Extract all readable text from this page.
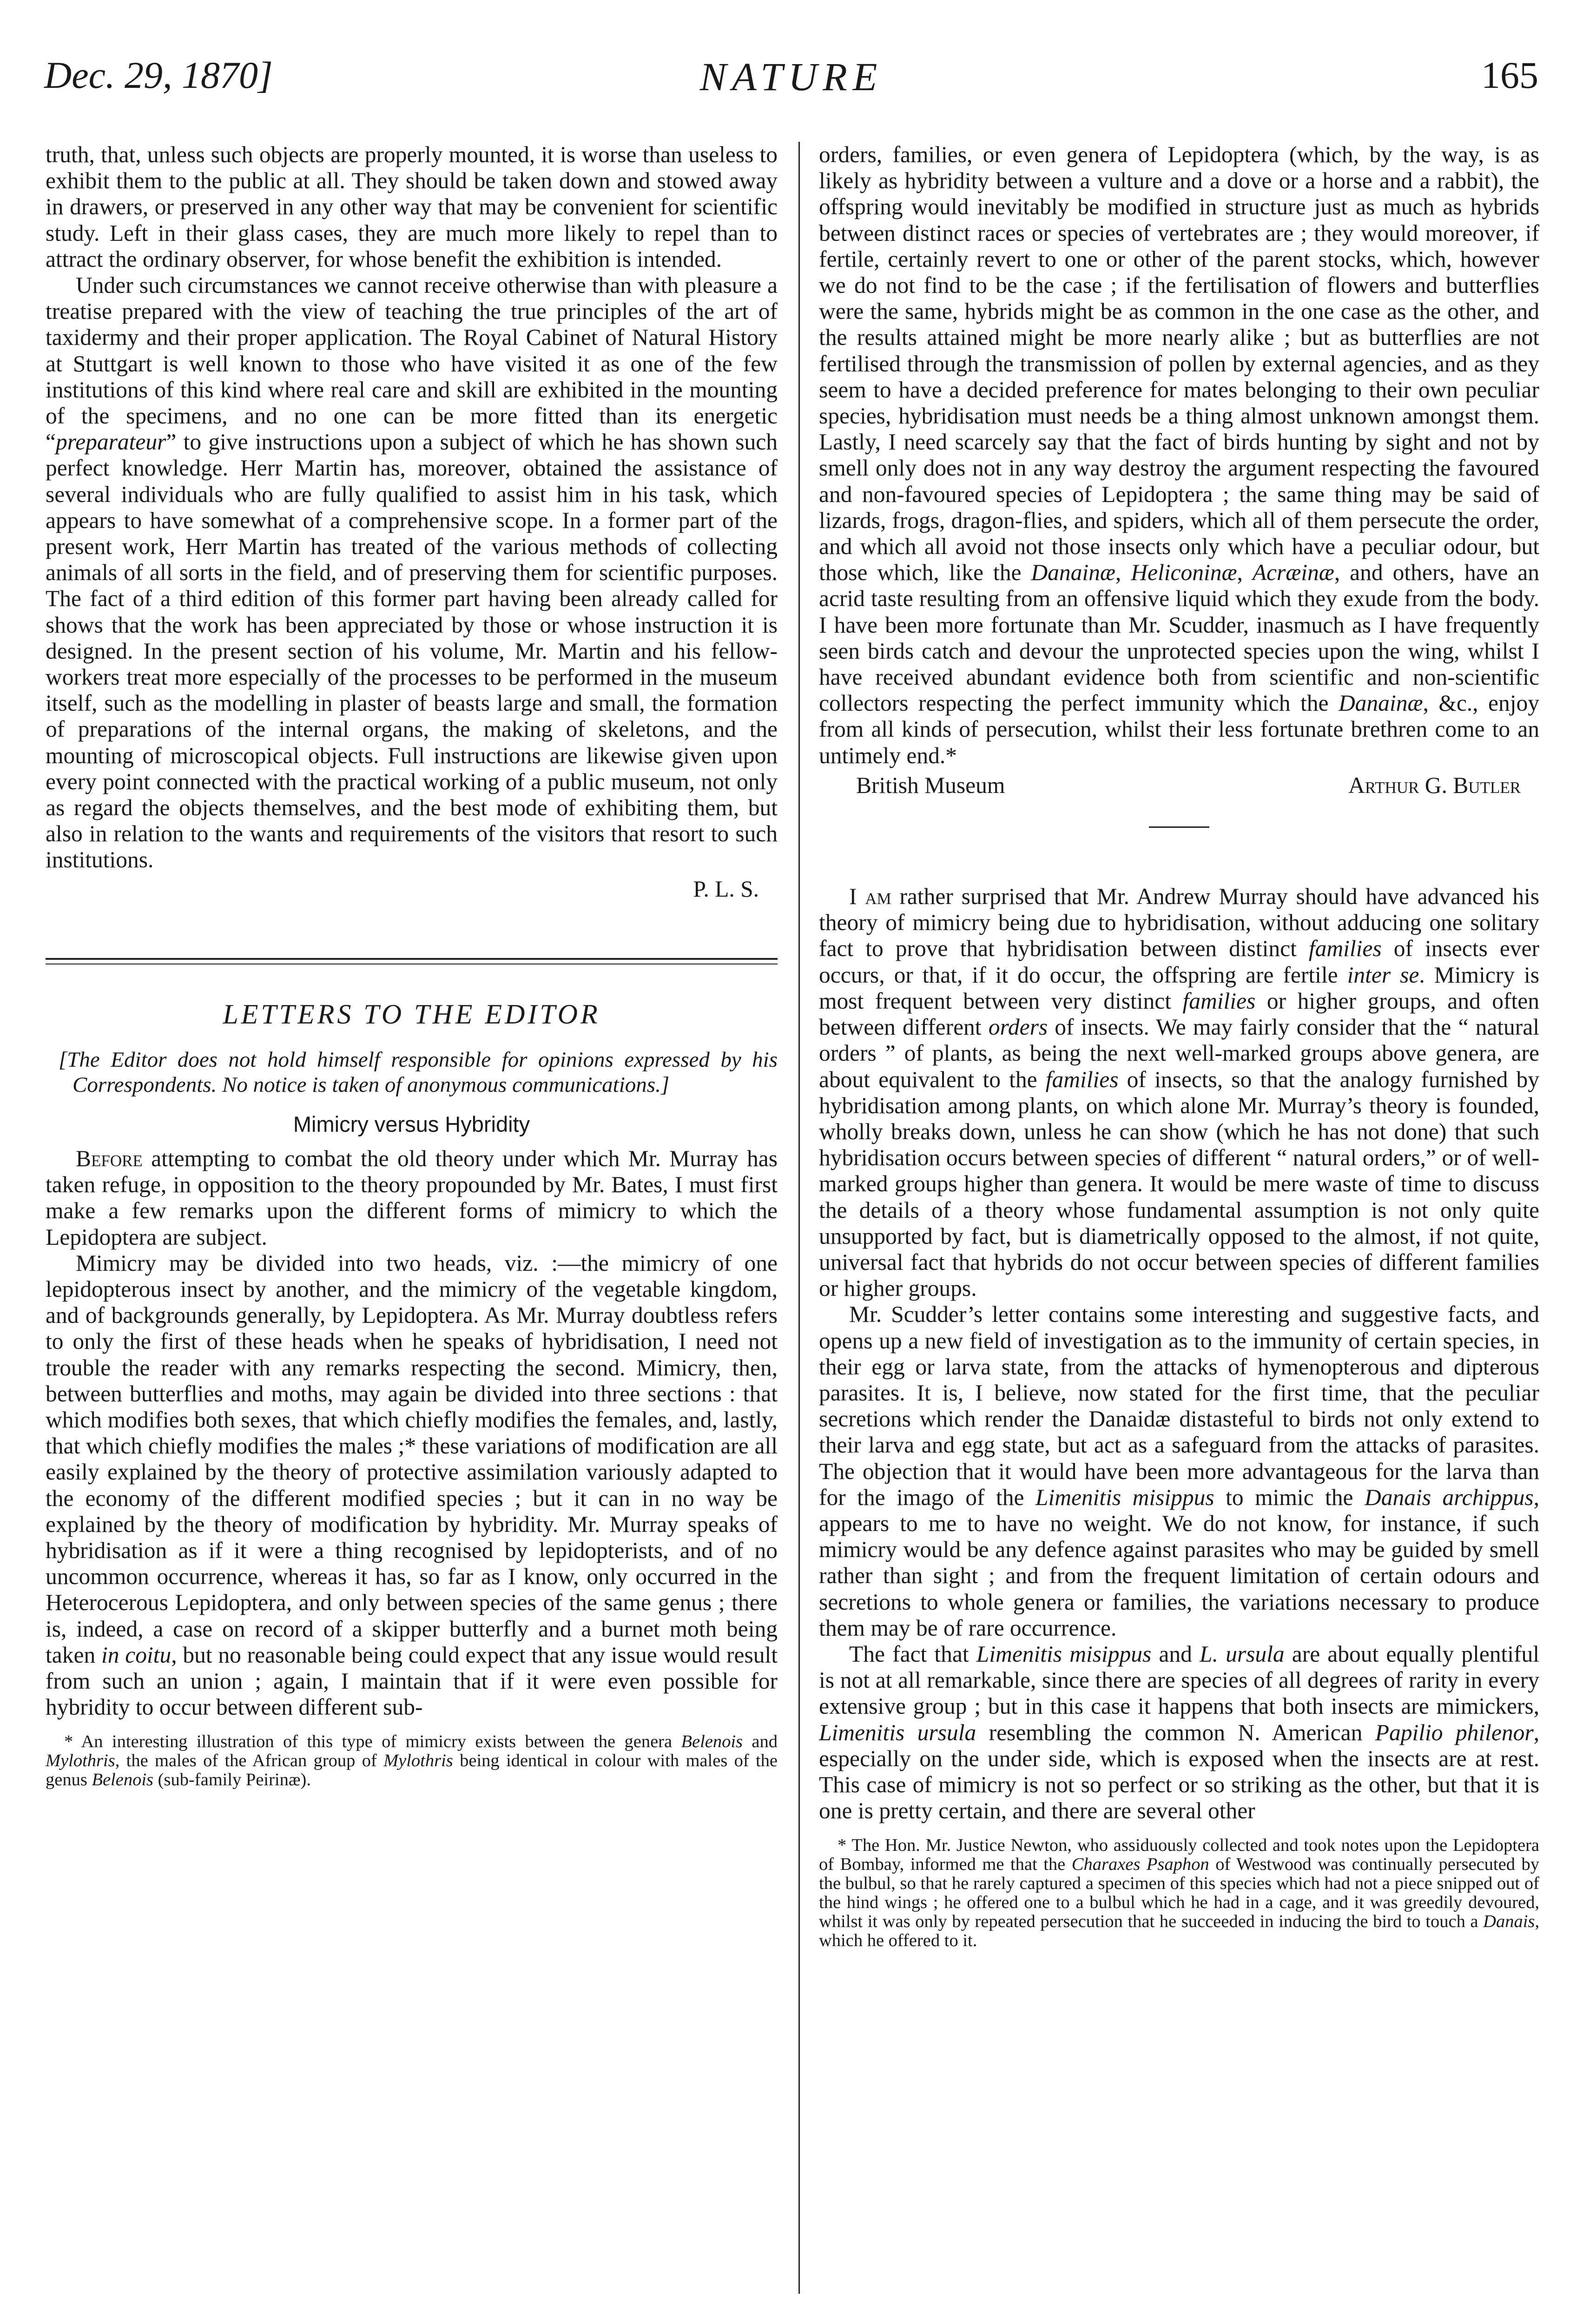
Dec. 29, 1870]	NATURE	165

truth, that, unless such objects are properly mounted, it is worse than useless to exhibit them to the public at all. They should be taken down and stowed away in drawers, or preserved in any other way that may be convenient for scientific study. Left in their glass cases, they are much more likely to repel than to attract the ordinary observer, for whose benefit the exhibition is intended.

Under such circumstances we cannot receive otherwise than with pleasure a treatise prepared with the view of teaching the true principles of the art of taxidermy and their proper application. The Royal Cabinet of Natural History at Stuttgart is well known to those who have visited it as one of the few institutions of this kind where real care and skill are exhibited in the mounting of the specimens, and no one can be more fitted than its energetic “preparateur” to give instructions upon a subject of which he has shown such perfect knowledge. Herr Martin has, moreover, obtained the assistance of several individuals who are fully qualified to assist him in his task, which appears to have somewhat of a comprehensive scope. In a former part of the present work, Herr Martin has treated of the various methods of collecting animals of all sorts in the field, and of preserving them for scientific purposes. The fact of a third edition of this former part having been already called for shows that the work has been appreciated by those or whose instruction it is designed. In the present section of his volume, Mr. Martin and his fellow-workers treat more especially of the processes to be performed in the museum itself, such as the modelling in plaster of beasts large and small, the formation of preparations of the internal organs, the making of skeletons, and the mounting of microscopical objects. Full instructions are likewise given upon every point connected with the practical working of a public museum, not only as regard the objects themselves, and the best mode of exhibiting them, but also in relation to the wants and requirements of the visitors that resort to such institutions.

P. L. S.

LETTERS TO THE EDITOR
[The Editor does not hold himself responsible for opinions expressed by his Correspondents. No notice is taken of anonymous communications.]
Mimicry versus Hybridity

Before attempting to combat the old theory under which Mr. Murray has taken refuge, in opposition to the theory propounded by Mr. Bates, I must first make a few remarks upon the different forms of mimicry to which the Lepidoptera are subject.

Mimicry may be divided into two heads, viz. :—the mimicry of one lepidopterous insect by another, and the mimicry of the vegetable kingdom, and of backgrounds generally, by Lepidoptera. As Mr. Murray doubtless refers to only the first of these heads when he speaks of hybridisation, I need not trouble the reader with any remarks respecting the second. Mimicry, then, between butterflies and moths, may again be divided into three sections : that which modifies both sexes, that which chiefly modifies the females, and, lastly, that which chiefly modifies the males ;* these variations of modification are all easily explained by the theory of protective assimilation variously adapted to the economy of the different modified species ; but it can in no way be explained by the theory of modification by hybridity. Mr. Murray speaks of hybridisation as if it were a thing recognised by lepidopterists, and of no uncommon occurrence, whereas it has, so far as I know, only occurred in the Heterocerous Lepidoptera, and only between species of the same genus ; there is, indeed, a case on record of a skipper butterfly and a burnet moth being taken in coitu, but no reasonable being could expect that any issue would result from such an union ; again, I maintain that if it were even possible for hybridity to occur between different sub-

* An interesting illustration of this type of mimicry exists between the genera Belenois and Mylothris, the males of the African group of Mylothris being identical in colour with males of the genus Belenois (sub-family Peirinæ).

orders, families, or even genera of Lepidoptera (which, by the way, is as likely as hybridity between a vulture and a dove or a horse and a rabbit), the offspring would inevitably be modified in structure just as much as hybrids between distinct races or species of vertebrates are ; they would moreover, if fertile, certainly revert to one or other of the parent stocks, which, however we do not find to be the case ; if the fertilisation of flowers and butterflies were the same, hybrids might be as common in the one case as the other, and the results attained might be more nearly alike ; but as butterflies are not fertilised through the transmission of pollen by external agencies, and as they seem to have a decided preference for mates belonging to their own peculiar species, hybridisation must needs be a thing almost unknown amongst them. Lastly, I need scarcely say that the fact of birds hunting by sight and not by smell only does not in any way destroy the argument respecting the favoured and non-favoured species of Lepidoptera ; the same thing may be said of lizards, frogs, dragon-flies, and spiders, which all of them persecute the order, and which all avoid not those insects only which have a peculiar odour, but those which, like the Danainæ, Heliconinæ, Acræinæ, and others, have an acrid taste resulting from an offensive liquid which they exude from the body. I have been more fortunate than Mr. Scudder, inasmuch as I have frequently seen birds catch and devour the unprotected species upon the wing, whilst I have received abundant evidence both from scientific and non-scientific collectors respecting the perfect immunity which the Danainæ, &c., enjoy from all kinds of persecution, whilst their less fortunate brethren come to an untimely end.*

British Museum	Arthur G. Butler

I am rather surprised that Mr. Andrew Murray should have advanced his theory of mimicry being due to hybridisation, without adducing one solitary fact to prove that hybridisation between distinct families of insects ever occurs, or that, if it do occur, the offspring are fertile inter se. Mimicry is most frequent between very distinct families or higher groups, and often between different orders of insects. We may fairly consider that the “ natural orders ” of plants, as being the next well-marked groups above genera, are about equivalent to the families of insects, so that the analogy furnished by hybridisation among plants, on which alone Mr. Murray’s theory is founded, wholly breaks down, unless he can show (which he has not done) that such hybridisation occurs between species of different “ natural orders,” or of well-marked groups higher than genera. It would be mere waste of time to discuss the details of a theory whose fundamental assumption is not only quite unsupported by fact, but is diametrically opposed to the almost, if not quite, universal fact that hybrids do not occur between species of different families or higher groups.

Mr. Scudder’s letter contains some interesting and suggestive facts, and opens up a new field of investigation as to the immunity of certain species, in their egg or larva state, from the attacks of hymenopterous and dipterous parasites. It is, I believe, now stated for the first time, that the peculiar secretions which render the Danaidæ distasteful to birds not only extend to their larva and egg state, but act as a safeguard from the attacks of parasites. The objection that it would have been more advantageous for the larva than for the imago of the Limenitis misippus to mimic the Danais archippus, appears to me to have no weight. We do not know, for instance, if such mimicry would be any defence against parasites who may be guided by smell rather than sight ; and from the frequent limitation of certain odours and secretions to whole genera or families, the variations necessary to produce them may be of rare occurrence.

The fact that Limenitis misippus and L. ursula are about equally plentiful is not at all remarkable, since there are species of all degrees of rarity in every extensive group ; but in this case it happens that both insects are mimickers, Limenitis ursula resembling the common N. American Papilio philenor, especially on the under side, which is exposed when the insects are at rest. This case of mimicry is not so perfect or so striking as the other, but that it is one is pretty certain, and there are several other

* The Hon. Mr. Justice Newton, who assiduously collected and took notes upon the Lepidoptera of Bombay, informed me that the Charaxes Psaphon of Westwood was continually persecuted by the bulbul, so that he rarely captured a specimen of this species which had not a piece snipped out of the hind wings ; he offered one to a bulbul which he had in a cage, and it was greedily devoured, whilst it was only by repeated persecution that he succeeded in inducing the bird to touch a Danais, which he offered to it.
